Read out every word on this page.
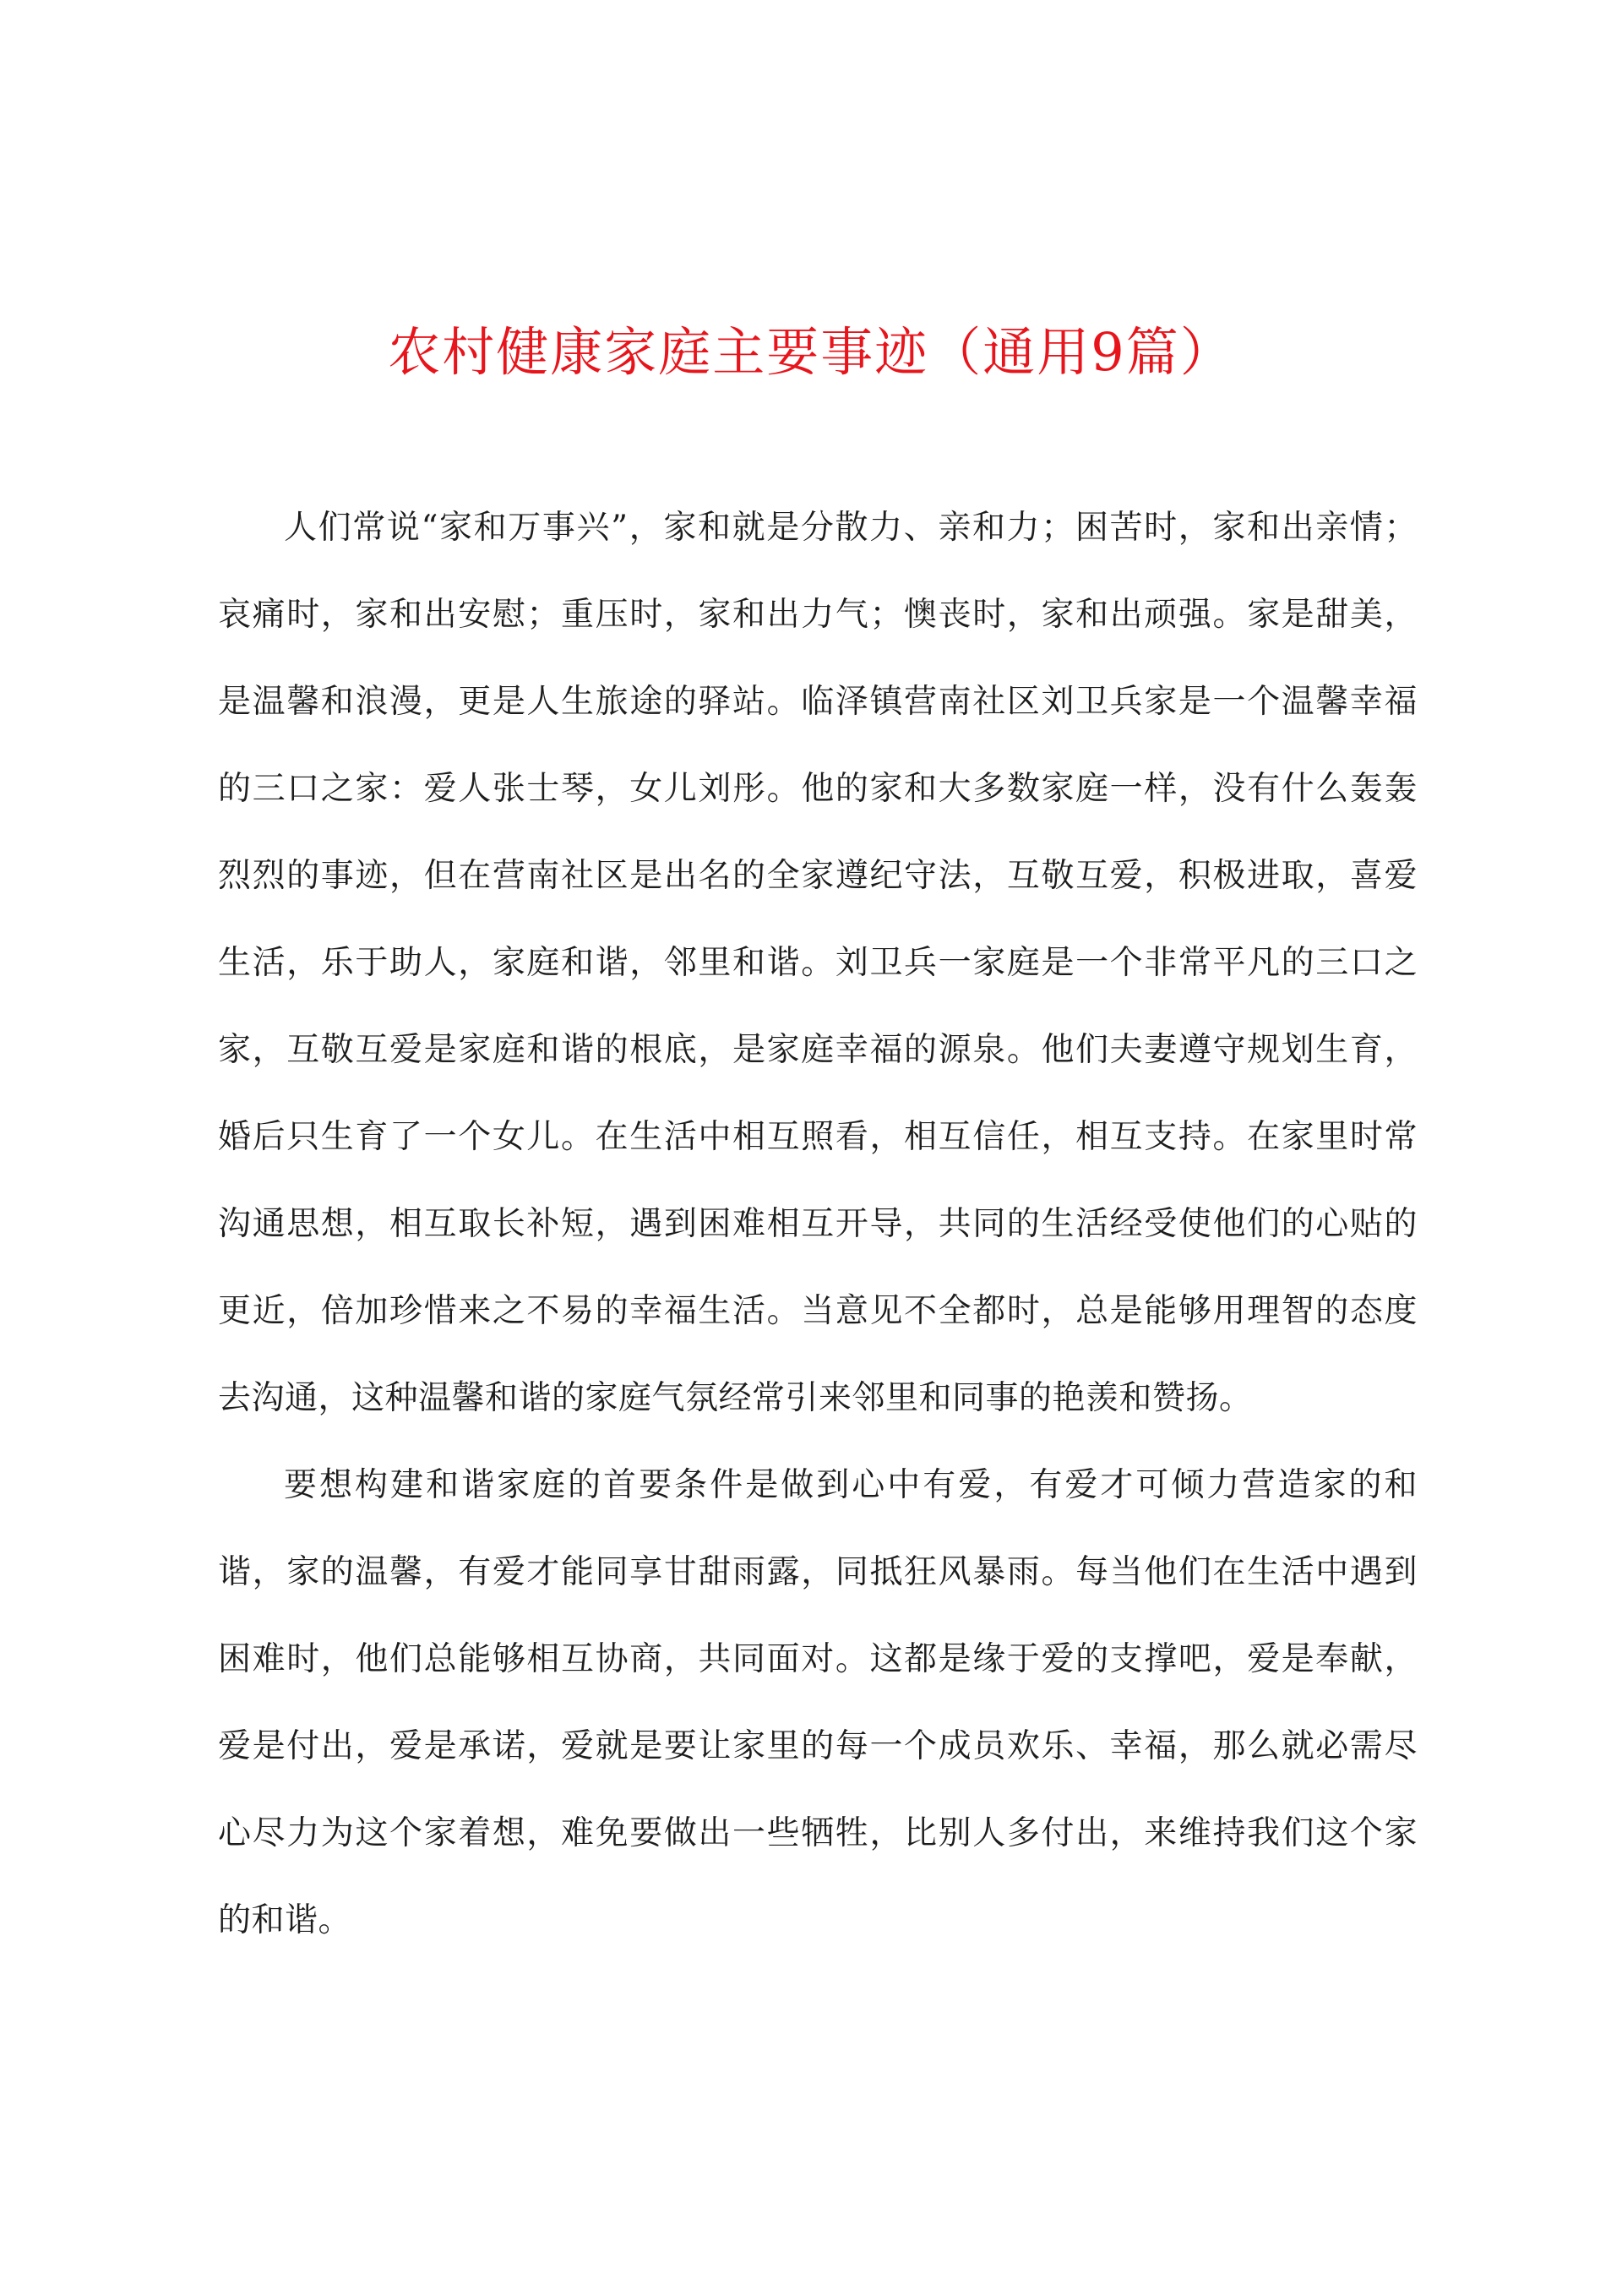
农村健康家庭主要事迹（通用9篇）

人们常说“家和万事兴”，家和就是分散力、亲和力；困苦时，家和出亲情；哀痛时，家和出安慰；重压时，家和出力气；懊丧时，家和出顽强。家是甜美，是温馨和浪漫，更是人生旅途的驿站。临泽镇营南社区刘卫兵家是一个温馨幸福的三口之家：爱人张士琴，女儿刘彤。他的家和大多数家庭一样，没有什么轰轰烈烈的事迹，但在营南社区是出名的全家遵纪守法，互敬互爱，积极进取，喜爱生活，乐于助人，家庭和谐，邻里和谐。刘卫兵一家庭是一个非常平凡的三口之家，互敬互爱是家庭和谐的根底，是家庭幸福的源泉。他们夫妻遵守规划生育，婚后只生育了一个女儿。在生活中相互照看，相互信任，相互支持。在家里时常沟通思想，相互取长补短，遇到困难相互开导，共同的生活经受使他们的心贴的更近，倍加珍惜来之不易的幸福生活。当意见不全都时，总是能够用理智的态度去沟通，这种温馨和谐的家庭气氛经常引来邻里和同事的艳羡和赞扬。

要想构建和谐家庭的首要条件是做到心中有爱，有爱才可倾力营造家的和谐，家的温馨，有爱才能同享甘甜雨露，同抵狂风暴雨。每当他们在生活中遇到困难时，他们总能够相互协商，共同面对。这都是缘于爱的支撑吧，爱是奉献，爱是付出，爱是承诺，爱就是要让家里的每一个成员欢乐、幸福，那么就必需尽心尽力为这个家着想，难免要做出一些牺牲，比别人多付出，来维持我们这个家的和谐。
